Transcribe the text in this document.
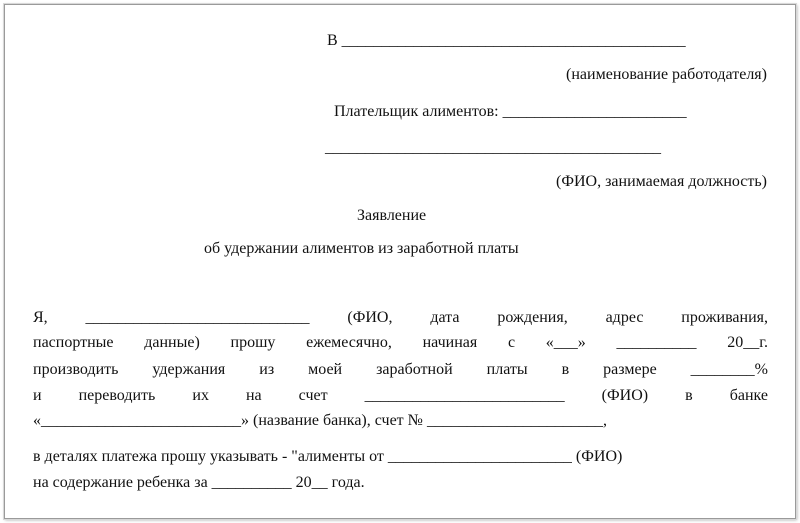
В ___________________________________________
(наименование работодателя)
Плательщик алиментов: _______________________
__________________________________________
(ФИО, занимаемая должность)
Заявление
об удержании алиментов из заработной платы
Я, ____________________________ (ФИО, дата рождения, адрес проживания,
паспортные данные) прошу ежемесячно, начиная с «___» __________ 20__г.
производить удержания из моей заработной платы в размере ________%
и переводить их на счет _________________________ (ФИО) в банке
«_________________________» (название банка), счет № ______________________,
в деталях платежа прошу указывать - "алименты от _______________________ (ФИО)
на содержание ребенка за __________ 20__ года.
